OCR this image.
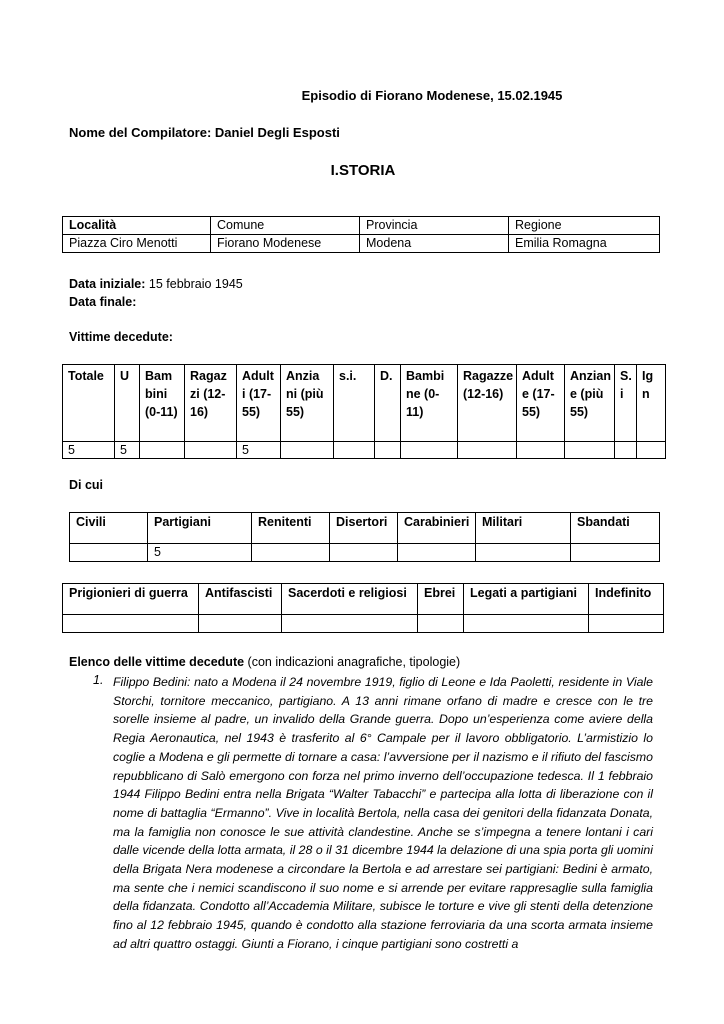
Episodio di Fiorano Modenese, 15.02.1945
Nome del Compilatore: Daniel Degli Esposti
I.STORIA
Località	Comune	Provincia	Regione
Piazza Ciro Menotti	Fiorano Modenese	Modena	Emilia Romagna
Data iniziale: 15 febbraio 1945
Data finale:
Vittime decedute:
Totale	U	Bam bini (0-11)	Ragaz zi (12-16)	Adult i (17-55)	Anzia ni (più 55)	s.i.	D.	Bambi ne (0-11)	Ragazze (12-16)	Adult e (17-55)	Anzian e (più 55)	S. i	Ig n
5	5			5									
Di cui
Civili	Partigiani	Renitenti	Disertori	Carabinieri	Militari	Sbandati
	5					
Prigionieri di guerra	Antifascisti	Sacerdoti e religiosi	Ebrei	Legati a partigiani	Indefinito

Elenco delle vittime decedute (con indicazioni anagrafiche, tipologie)
1. Filippo Bedini: nato a Modena il 24 novembre 1919, figlio di Leone e Ida Paoletti, residente in Viale Storchi, tornitore meccanico, partigiano. A 13 anni rimane orfano di madre e cresce con le tre sorelle insieme al padre, un invalido della Grande guerra. Dopo un’esperienza come aviere della Regia Aeronautica, nel 1943 è trasferito al 6° Campale per il lavoro obbligatorio. L’armistizio lo coglie a Modena e gli permette di tornare a casa: l’avversione per il nazismo e il rifiuto del fascismo repubblicano di Salò emergono con forza nel primo inverno dell’occupazione tedesca. Il 1 febbraio 1944 Filippo Bedini entra nella Brigata “Walter Tabacchi” e partecipa alla lotta di liberazione con il nome di battaglia “Ermanno”. Vive in località Bertola, nella casa dei genitori della fidanzata Donata, ma la famiglia non conosce le sue attività clandestine. Anche se s’impegna a tenere lontani i cari dalle vicende della lotta armata, il 28 o il 31 dicembre 1944 la delazione di una spia porta gli uomini della Brigata Nera modenese a circondare la Bertola e ad arrestare sei partigiani: Bedini è armato, ma sente che i nemici scandiscono il suo nome e si arrende per evitare rappresaglie sulla famiglia della fidanzata. Condotto all’Accademia Militare, subisce le torture e vive gli stenti della detenzione fino al 12 febbraio 1945, quando è condotto alla stazione ferroviaria da una scorta armata insieme ad altri quattro ostaggi. Giunti a Fiorano, i cinque partigiani sono costretti a
